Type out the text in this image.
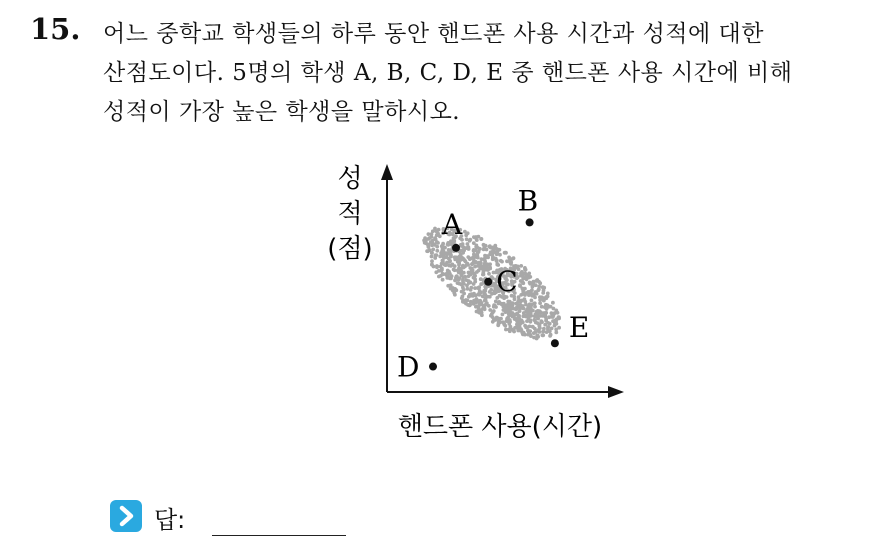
15. 어느 중학교 학생들의 하루 동안 핸드폰 사용 시간과 성적에 대한
산점도이다. 5명의 학생 A, B, C, D, E 중 핸드폰 사용 시간에 비해
성적이 가장 높은 학생을 말하시오.
성
적
(점)
핸드폰 사용(시간)
A
B
C
D
E
답:
